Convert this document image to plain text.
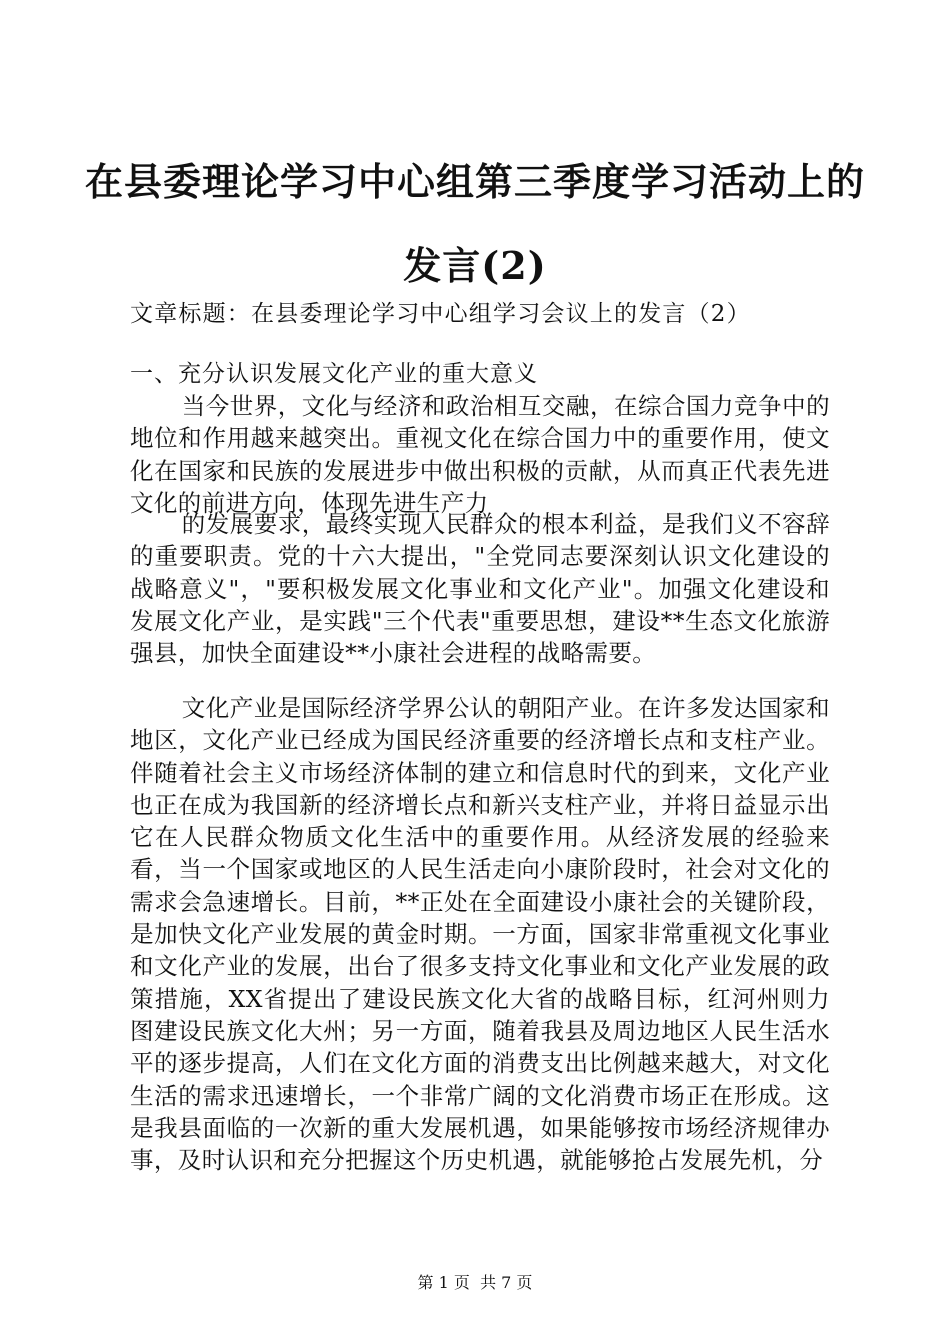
在县委理论学习中心组第三季度学习活动上的
发言(2)
文章标题：在县委理论学习中心组学习会议上的发言（2）
一、充分认识发展文化产业的重大意义

当今世界，文化与经济和政治相互交融，在综合国力竞争中的地位和作用越来越突出。重视文化在综合国力中的重要作用，使文化在国家和民族的发展进步中做出积极的贡献，从而真正代表先进文化的前进方向，体现先进生产力

的发展要求，最终实现人民群众的根本利益，是我们义不容辞的重要职责。党的十六大提出，"全党同志要深刻认识文化建设的战略意义"，"要积极发展文化事业和文化产业"。加强文化建设和发展文化产业，是实践"三个代表"重要思想，建设**生态文化旅游强县，加快全面建设**小康社会进程的战略需要。

文化产业是国际经济学界公认的朝阳产业。在许多发达国家和地区，文化产业已经成为国民经济重要的经济增长点和支柱产业。伴随着社会主义市场经济体制的建立和信息时代的到来，文化产业也正在成为我国新的经济增长点和新兴支柱产业，并将日益显示出它在人民群众物质文化生活中的重要作用。从经济发展的经验来看，当一个国家或地区的人民生活走向小康阶段时，社会对文化的需求会急速增长。目前，**正处在全面建设小康社会的关键阶段，是加快文化产业发展的黄金时期。一方面，国家非常重视文化事业和文化产业的发展，出台了很多支持文化事业和文化产业发展的政策措施，XX省提出了建设民族文化大省的战略目标，红河州则力图建设民族文化大州；另一方面，随着我县及周边地区人民生活水平的逐步提高，人们在文化方面的消费支出比例越来越大，对文化生活的需求迅速增长，一个非常广阔的文化消费市场正在形成。这是我县面临的一次新的重大发展机遇，如果能够按市场经济规律办事，及时认识和充分把握这个历史机遇，就能够抢占发展先机，分

第 1 页  共 7 页
